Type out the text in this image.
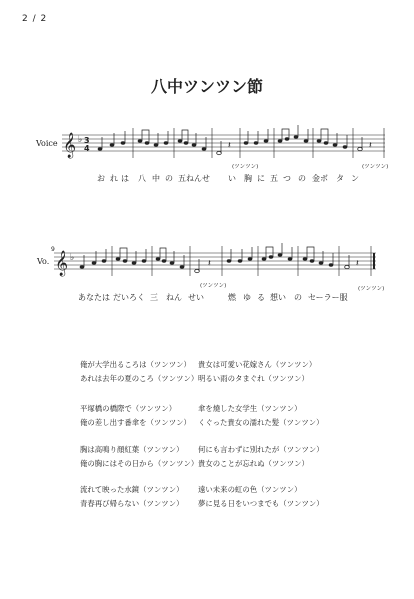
2 / 2
八中ツンツン節
Voice 𝄞 ♭ 3
4	𝄽	𝄽
(ツンツン)	(ツンツン)
お れ は 八 中 の 五ねんせ い 胸 に 五 つ の 金ボ タ ン
9
Vo. 𝄞 ♭
𝄽	𝄽
(ツンツン)	(ツンツン)
あなたは だいろく 三 ねん せい	燃 ゆ る 想い の セーラー服
俺が大学出るころは（ツンツン） 貴女は可愛い花嫁さん（ツンツン）
あれは去年の夏のころ（ツンツン） 明るい雨のタまぐれ（ツンツン）
平塚橋の橋際で（ツンツン）	傘を燒した女学生（ツンツン）
俺の差し出す番傘を（ツンツン） くぐった貴女の濡れた髪（ツンツン）
胸は高鳴り顔紅葉（ツンツン）	何にも言わずに別れたが（ツンツン）
俺の胸にはその日から（ツンツン） 貴女のことが忘れぬ（ツンツン）
流れて映った水鏡（ツンツン）	遠い未来の虹の色（ツンツン）
青春再び帰らない（ツンツン）	夢に見る日をいつまでも（ツンツン）
